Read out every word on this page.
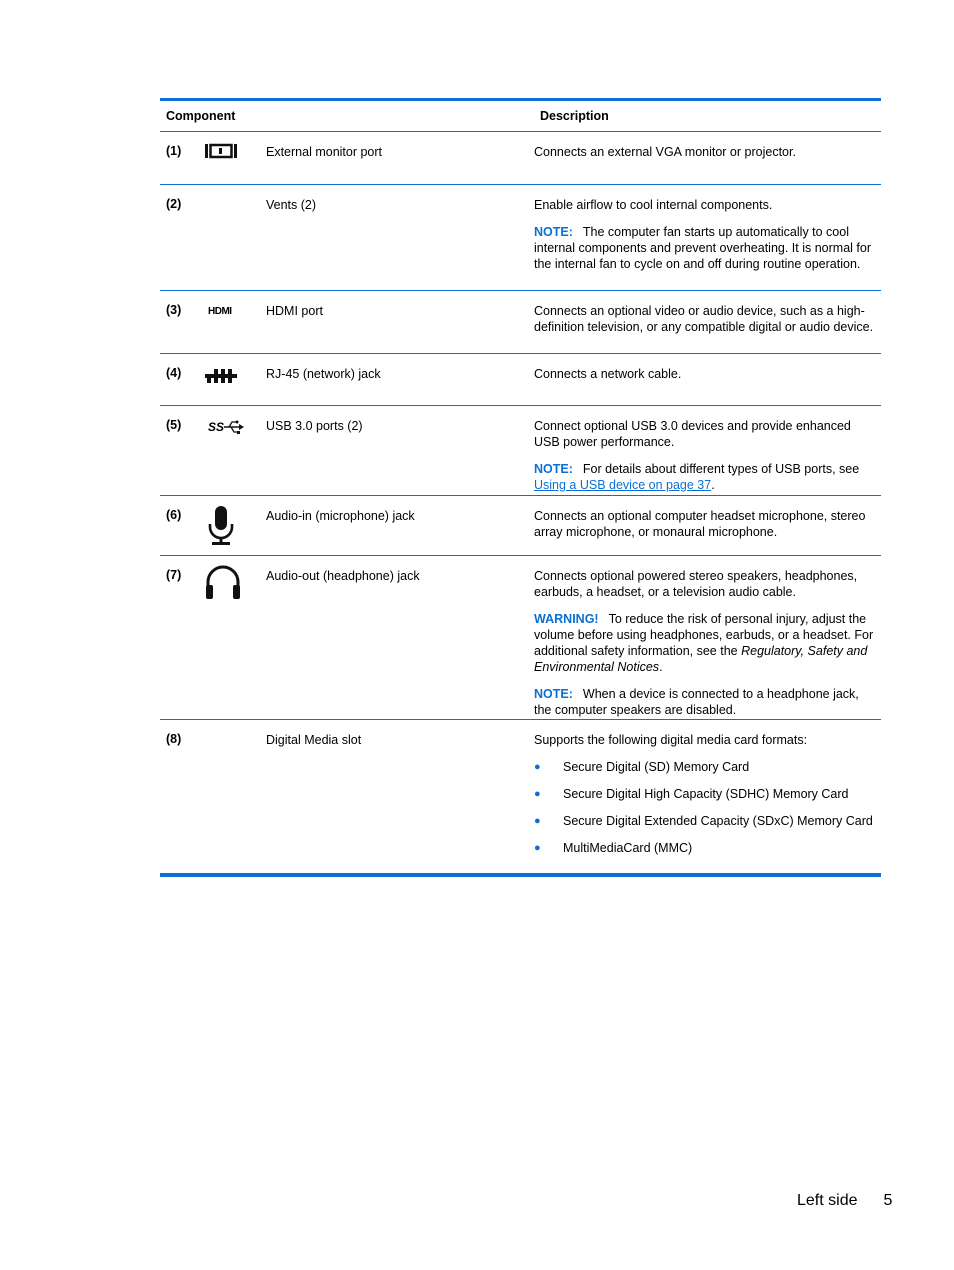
Component	Description
(1)	External monitor port	Connects an external VGA monitor or projector.

(2)	Vents (2)	Enable airflow to cool internal components.

NOTE: The computer fan starts up automatically to cool internal components and prevent overheating. It is normal for the internal fan to cycle on and off during routine operation.

(3)	HDMI	HDMI port	Connects an optional video or audio device, such as a high-definition television, or any compatible digital or audio device.

(4)	RJ-45 (network) jack	Connects a network cable.

(5)	SS	USB 3.0 ports (2)	Connect optional USB 3.0 devices and provide enhanced USB power performance.

NOTE: For details about different types of USB ports, see Using a USB device on page 37.

(6)	Audio-in (microphone) jack	Connects an optional computer headset microphone, stereo array microphone, or monaural microphone.

(7)	Audio-out (headphone) jack	Connects optional powered stereo speakers, headphones, earbuds, a headset, or a television audio cable.

WARNING! To reduce the risk of personal injury, adjust the volume before using headphones, earbuds, or a headset. For additional safety information, see the Regulatory, Safety and Environmental Notices.

NOTE: When a device is connected to a headphone jack, the computer speakers are disabled.

(8)	Digital Media slot	Supports the following digital media card formats:

●	Secure Digital (SD) Memory Card
●	Secure Digital High Capacity (SDHC) Memory Card
●	Secure Digital Extended Capacity (SDxC) Memory Card
●	MultiMediaCard (MMC)
Left side 5
